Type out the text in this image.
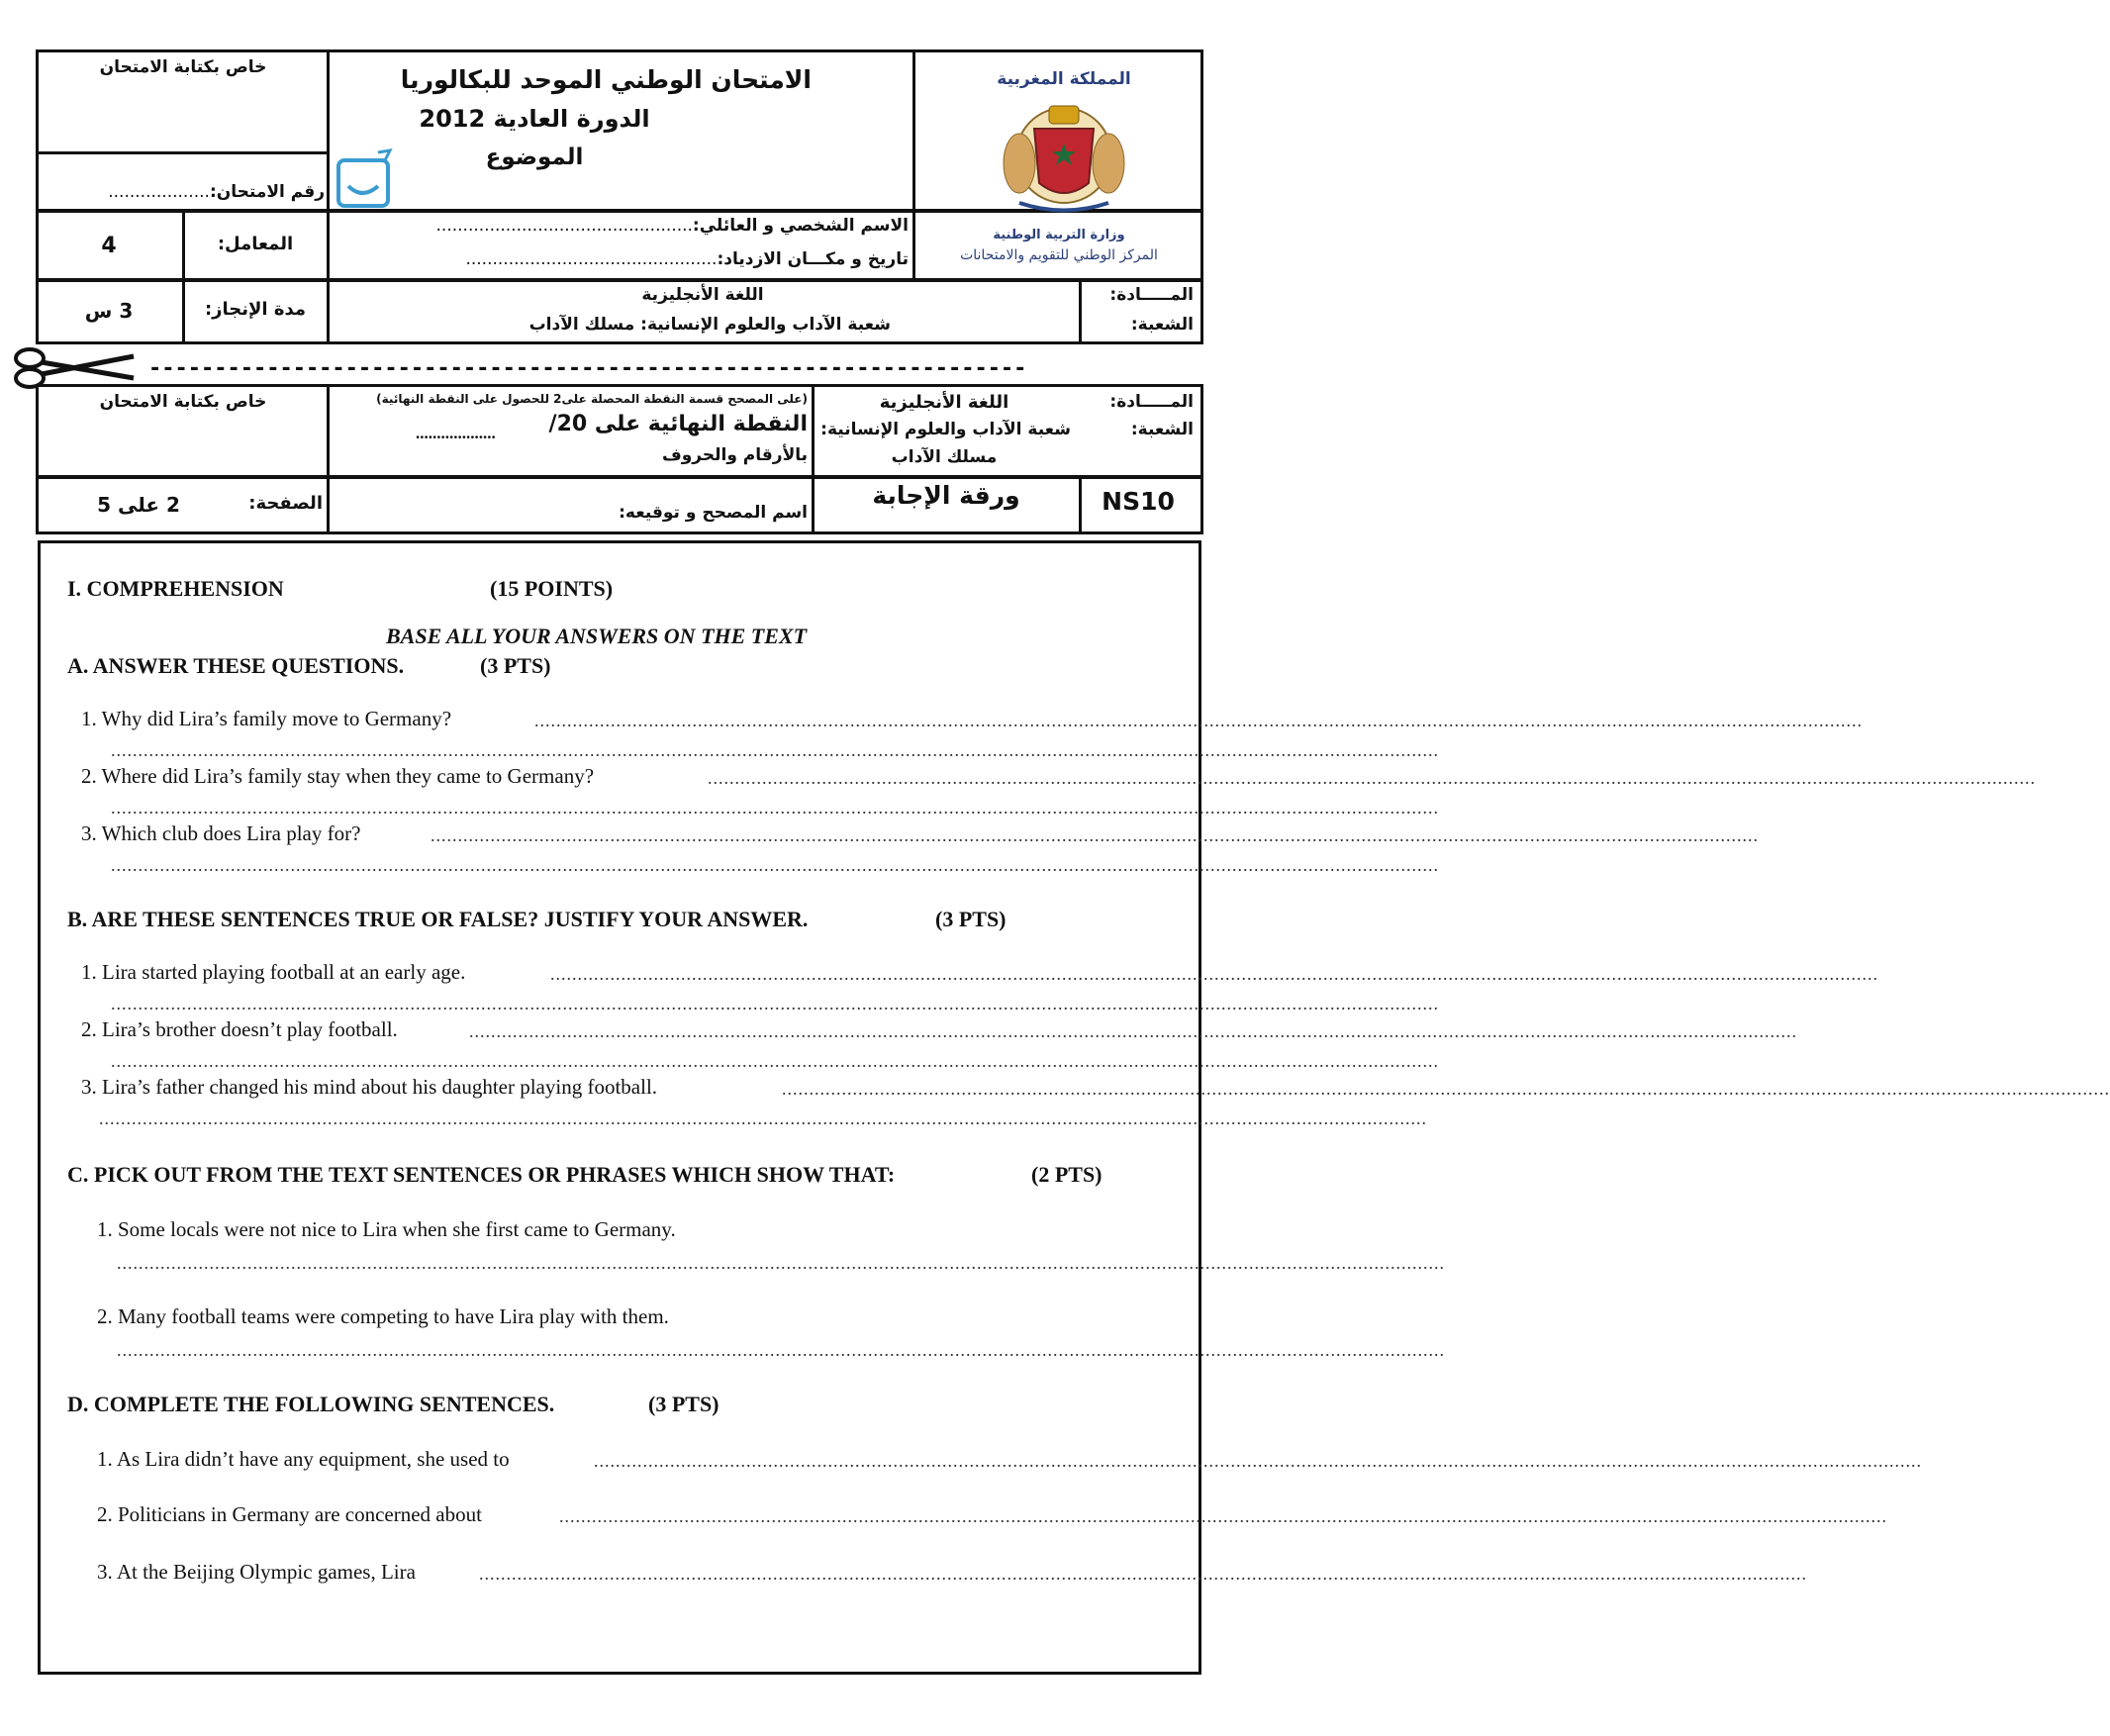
المملكة المغربية
وزارة التربية الوطنية
المركز الوطني للتقويم والامتحانات
الامتحان الوطني الموحد للبكالوريا
الدورة العادية 2012
الموضوع
خاص بكتابة الامتحان
رقم الامتحان:...................
4	المعامل:
الاسم الشخصي و العائلي:................................................
تاريخ و مكـــان الازدياد:...............................................
3 س	مدة الإنجاز:
اللغة الأنجليزية
شعبة الآداب والعلوم الإنسانية: مسلك الآداب
المـــــادة:
الشعبة:
-------------------------------------------------------------------
خاص بكتابة الامتحان	(على المصحح قسمة النقطة المحصلة على2 للحصول على النقطة النهائية)
النقطة النهائية على 20/
...................
بالأرقام والحروف
اللغة الأنجليزية
شعبة الآداب والعلوم الإنسانية:
مسلك الآداب
المـــــادة:
الشعبة:
2 على 5	الصفحة:	اسم المصحح و توقيعه:
ورقة الإجابة	NS10
I. COMPREHENSION	(15 POINTS)
BASE ALL YOUR ANSWERS ON THE TEXT
A. ANSWER THESE QUESTIONS.	(3 PTS)
1. Why did Lira’s family move to Germany?	....................................................................................................................................................................................................................................................
....................................................................................................................................................................................................................................................
2. Where did Lira’s family stay when they came to Germany?	....................................................................................................................................................................................................................................................
....................................................................................................................................................................................................................................................
3. Which club does Lira play for?	....................................................................................................................................................................................................................................................
....................................................................................................................................................................................................................................................
B. ARE THESE SENTENCES TRUE OR FALSE? JUSTIFY YOUR ANSWER.	(3 PTS)
1. Lira started playing football at an early age.	....................................................................................................................................................................................................................................................
....................................................................................................................................................................................................................................................
2. Lira’s brother doesn’t play football.	....................................................................................................................................................................................................................................................
....................................................................................................................................................................................................................................................
3. Lira’s father changed his mind about his daughter playing football.	....................................................................................................................................................................................................................................................
....................................................................................................................................................................................................................................................
C. PICK OUT FROM THE TEXT SENTENCES OR PHRASES WHICH SHOW THAT:	(2 PTS)
1. Some locals were not nice to Lira when she first came to Germany.
....................................................................................................................................................................................................................................................
2. Many football teams were competing to have Lira play with them.
....................................................................................................................................................................................................................................................
D. COMPLETE THE FOLLOWING SENTENCES.	(3 PTS)
1. As Lira didn’t have any equipment, she used to	....................................................................................................................................................................................................................................................
2. Politicians in Germany are concerned about	....................................................................................................................................................................................................................................................
3. At the Beijing Olympic games, Lira	....................................................................................................................................................................................................................................................
